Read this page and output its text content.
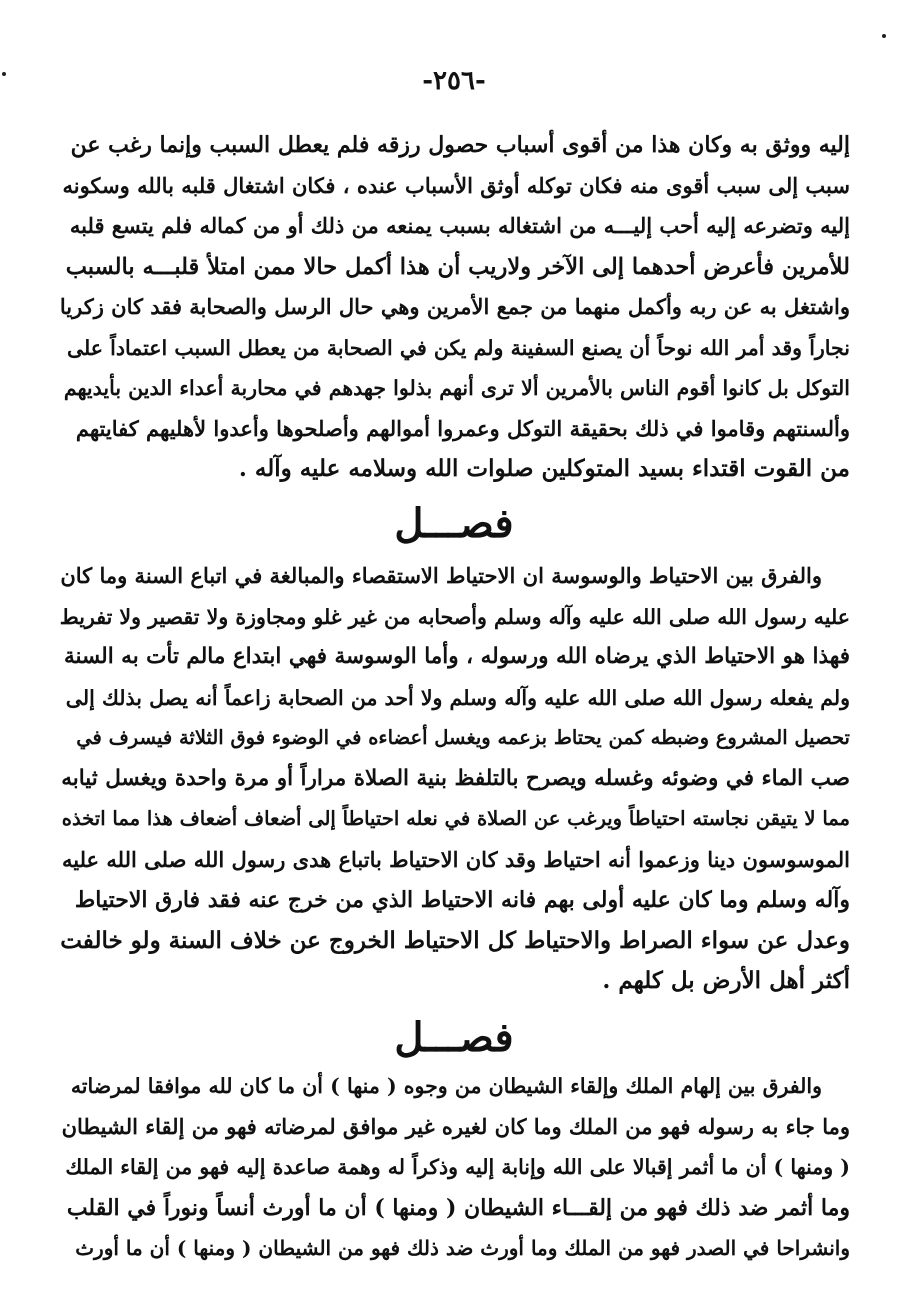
-٢٥٦-
إليه ووثق به وكان هذا من أقوى أسباب حصول رزقه فلم يعطل السبب وإنما رغب عن
سبب إلى سبب أقوى منه فكان توكله أوثق الأسباب عنده ، فكان اشتغال قلبه بالله وسكونه
إليه وتضرعه إليه أحب إليـــه من اشتغاله بسبب يمنعه من ذلك أو من كماله فلم يتسع قلبه
للأمرين فأعرض أحدهما إلى الآخر ولاريب أن هذا أكمل حالا ممن امتلأ قلبـــه بالسبب
واشتغل به عن ربه وأكمل منهما من جمع الأمرين وهي حال الرسل والصحابة فقد كان زكريا
نجاراً وقد أمر الله نوحاً أن يصنع السفينة ولم يكن في الصحابة من يعطل السبب اعتماداً على
التوكل بل كانوا أقوم الناس بالأمرين ألا ترى أنهم بذلوا جهدهم في محاربة أعداء الدين بأيديهم
وألسنتهم وقاموا في ذلك بحقيقة التوكل وعمروا أموالهم وأصلحوها وأعدوا لأهليهم كفايتهم
من القوت اقتداء بسيد المتوكلين صلوات الله وسلامه عليه وآله .
فصـــل
والفرق بين الاحتياط والوسوسة ان الاحتياط الاستقصاء والمبالغة في اتباع السنة وما كان
عليه رسول الله صلى الله عليه وآله وسلم وأصحابه من غير غلو ومجاوزة ولا تقصير ولا تفريط
فهذا هو الاحتياط الذي يرضاه الله ورسوله ، وأما الوسوسة فهي ابتداع مالم تأت به السنة
ولم يفعله رسول الله صلى الله عليه وآله وسلم ولا أحد من الصحابة زاعماً أنه يصل بذلك إلى
تحصيل المشروع وضبطه كمن يحتاط بزعمه ويغسل أعضاءه في الوضوء فوق الثلاثة فيسرف في
صب الماء في وضوئه وغسله ويصرح بالتلفظ بنية الصلاة مراراً أو مرة واحدة ويغسل ثيابه
مما لا يتيقن نجاسته احتياطاً ويرغب عن الصلاة في نعله احتياطاً إلى أضعاف أضعاف هذا مما اتخذه
الموسوسون دينا وزعموا أنه احتياط وقد كان الاحتياط باتباع هدى رسول الله صلى الله عليه
وآله وسلم وما كان عليه أولى بهم فانه الاحتياط الذي من خرج عنه فقد فارق الاحتياط
وعدل عن سواء الصراط والاحتياط كل الاحتياط الخروج عن خلاف السنة ولو خالفت
أكثر أهل الأرض بل كلهم .
فصـــل
والفرق بين إلهام الملك وإلقاء الشيطان من وجوه ( منها ) أن ما كان لله موافقا لمرضاته
وما جاء به رسوله فهو من الملك وما كان لغيره غير موافق لمرضاته فهو من إلقاء الشيطان
( ومنها ) أن ما أثمر إقبالا على الله وإنابة إليه وذكراً له وهمة صاعدة إليه فهو من إلقاء الملك
وما أثمر ضد ذلك فهو من إلقـــاء الشيطان ( ومنها ) أن ما أورث أنساً ونوراً في القلب
وانشراحا في الصدر فهو من الملك وما أورث ضد ذلك فهو من الشيطان ( ومنها ) أن ما أورث
